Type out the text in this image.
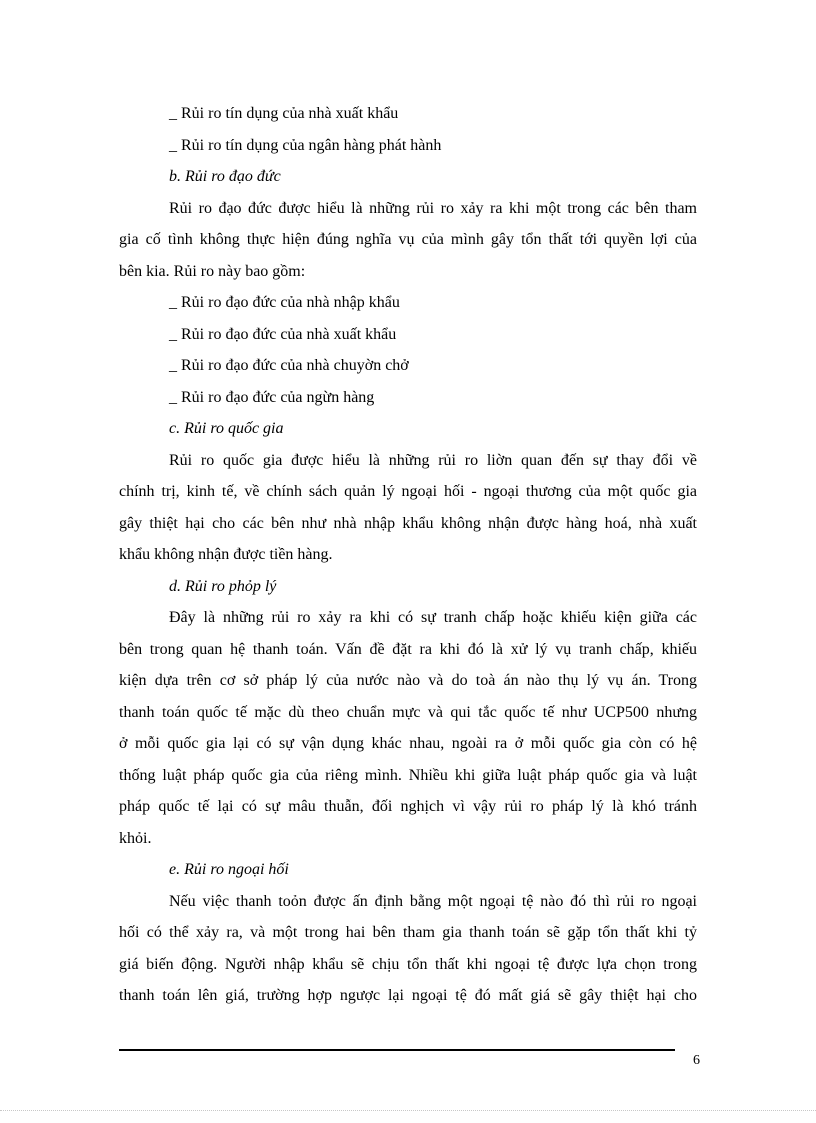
_ Rủi ro tín dụng của nhà xuất khẩu
_ Rủi ro tín dụng của ngân hàng phát hành
b. Rủi ro đạo đức
Rủi ro đạo đức được hiểu là những rủi ro xảy ra khi một trong các bên tham
gia cố tình không thực hiện đúng nghĩa vụ của mình gây tổn thất tới quyền lợi của
bên kia. Rủi ro này bao gồm:
_ Rủi ro đạo đức của nhà nhập khẩu
_ Rủi ro đạo đức của nhà xuất khẩu
_ Rủi ro đạo đức của nhà chuyờn chở
_ Rủi ro đạo đức của ngừn hàng
c. Rủi ro quốc gia
Rủi ro quốc gia được hiểu là những rủi ro liờn quan đến sự thay đổi về
chính trị, kinh tế, về chính sách quản lý ngoại hối - ngoại thương của một quốc gia
gây thiệt hại cho các bên như nhà nhập khẩu không nhận được hàng hoá, nhà xuất
khẩu không nhận được tiền hàng.
d. Rủi ro phỏp lý
Đây là những rủi ro xảy ra khi có sự tranh chấp hoặc khiếu kiện giữa các
bên trong quan hệ thanh toán. Vấn đề đặt ra khi đó là xử lý vụ tranh chấp, khiếu
kiện dựa trên cơ sở pháp lý của nước nào và do toà án nào thụ lý vụ án. Trong
thanh toán quốc tế mặc dù theo chuẩn mực và qui tắc quốc tế như UCP500 nhưng
ở mỗi quốc gia lại có sự vận dụng khác nhau, ngoài ra ở mỗi quốc gia còn có hệ
thống luật pháp quốc gia của riêng mình. Nhiều khi giữa luật pháp quốc gia và luật
pháp quốc tế lại có sự mâu thuẫn, đối nghịch vì vậy rủi ro pháp lý là khó tránh
khỏi.
e. Rủi ro ngoại hối
Nếu việc thanh toỏn được ấn định bằng một ngoại tệ nào đó thì rủi ro ngoại
hối có thể xảy ra, và một trong hai bên tham gia thanh toán sẽ gặp tổn thất khi tỷ
giá biến động. Người nhập khẩu sẽ chịu tổn thất khi ngoại tệ được lựa chọn trong
thanh toán lên giá, trường hợp ngược lại ngoại tệ đó mất giá sẽ gây thiệt hại cho
6
